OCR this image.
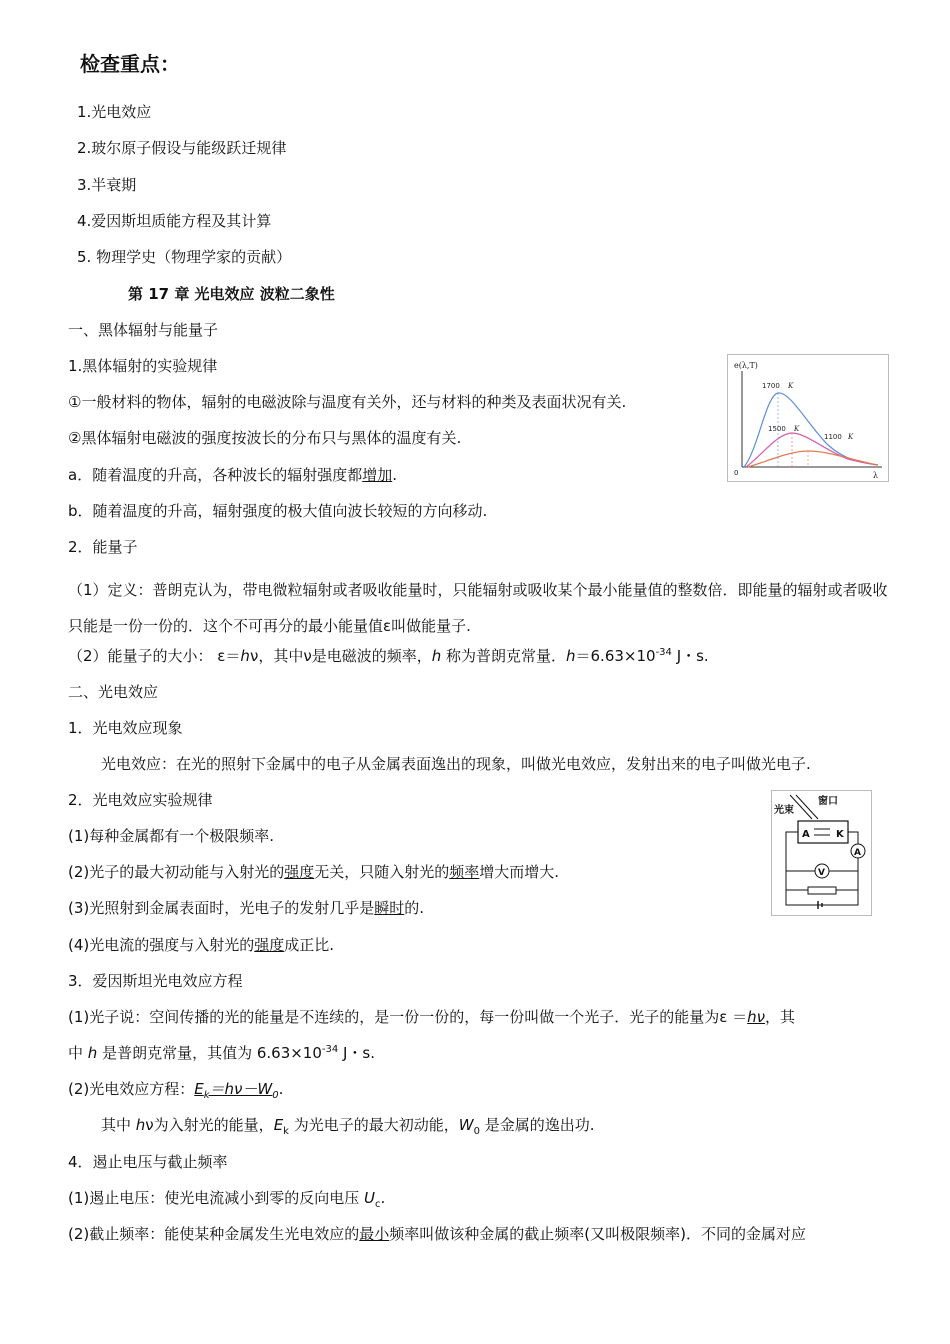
检查重点：
1.光电效应
2.玻尔原子假设与能级跃迁规律
3.半衰期
4.爱因斯坦质能方程及其计算
5. 物理学史（物理学家的贡献）
第 17 章 光电效应 波粒二象性
一、黑体辐射与能量子
1.黑体辐射的实验规律
①一般材料的物体，辐射的电磁波除与温度有关外，还与材料的种类及表面状况有关.
②黑体辐射电磁波的强度按波长的分布只与黑体的温度有关.
a．随着温度的升高，各种波长的辐射强度都增加.
b．随着温度的升高，辐射强度的极大值向波长较短的方向移动.
2．能量子
（1）定义：普朗克认为，带电微粒辐射或者吸收能量时，只能辐射或吸收某个最小能量值的整数倍．即能量的辐射或者吸收只能是一份一份的．这个不可再分的最小能量值ε叫做能量子.
（2）能量子的大小： ε＝hν，其中ν是电磁波的频率，h 称为普朗克常量．$h=6.63\times 10^{-34}$ J・s.
二、光电效应
1．光电效应现象
光电效应：在光的照射下金属中的电子从金属表面逸出的现象，叫做光电效应，发射出来的电子叫做光电子.
2．光电效应实验规律
(1)每种金属都有一个极限频率.
(2)光子的最大初动能与入射光的强度无关，只随入射光的频率增大而增大.
(3)光照射到金属表面时，光电子的发射几乎是瞬时的.
(4)光电流的强度与入射光的强度成正比.
3．爱因斯坦光电效应方程
(1)光子说：空间传播的光的能量是不连续的，是一份一份的，每一份叫做一个光子．光子的能量为ε ＝hν，其
中 h 是普朗克常量，其值为 $6.63\times 10^{-34}$ J・s.
(2)光电效应方程：$E_k=h\nu-W_0$.
其中 hν为入射光的能量，$E_k$ 为光电子的最大初动能，$W_0$ 是金属的逸出功.
4．遏止电压与截止频率
(1)遏止电压：使光电流减小到零的反向电压 $U_c$.
(2)截止频率：能使某种金属发生光电效应的最小频率叫做该种金属的截止频率(又叫极限频率)．不同的金属对应
e(λ,T)
0	λ
1700 K
1500 K
1100 K
光束
窗口
A	K
A
V
